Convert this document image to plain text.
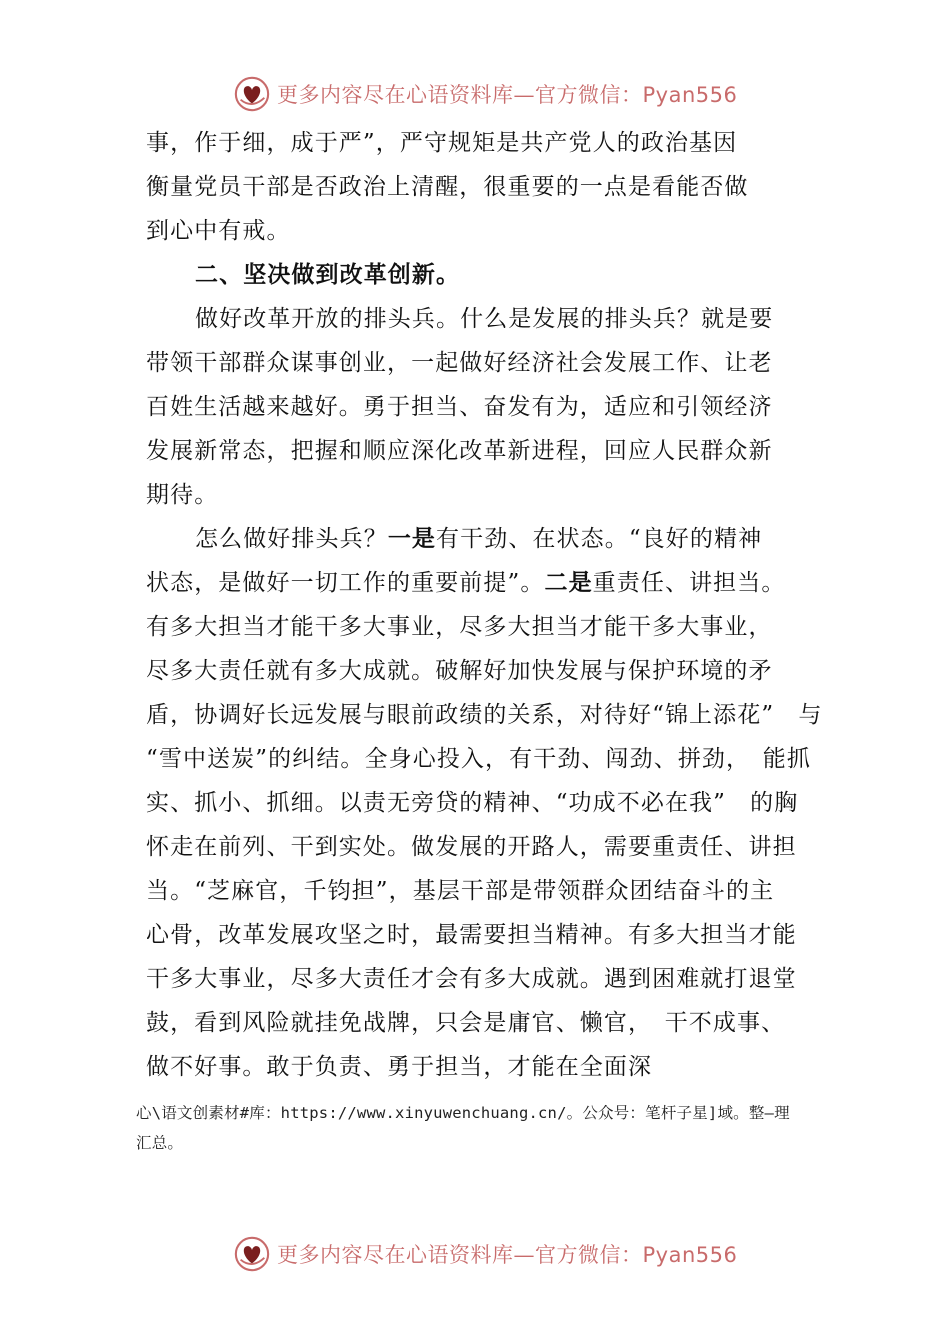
更多内容尽在心语资料库—官方微信：Pyan556
事，作于细，成于严”，严守规矩是共产党人的政治基因
衡量党员干部是否政治上清醒，很重要的一点是看能否做
到心中有戒。
二、坚决做到改革创新。
做好改革开放的排头兵。什么是发展的排头兵？就是要
带领干部群众谋事创业，一起做好经济社会发展工作、让老
百姓生活越来越好。勇于担当、奋发有为，适应和引领经济
发展新常态，把握和顺应深化改革新进程，回应人民群众新
期待。
怎么做好排头兵？一是有干劲、在状态。“良好的精神
状态，是做好一切工作的重要前提”。二是重责任、讲担当。
有多大担当才能干多大事业，尽多大担当才能干多大事业，
尽多大责任就有多大成就。破解好加快发展与保护环境的矛
盾，协调好长远发展与眼前政绩的关系，对待好“锦上添花”　与
“雪中送炭”的纠结。全身心投入，有干劲、闯劲、拼劲，　能抓
实、抓小、抓细。以责无旁贷的精神、“功成不必在我”　的胸
怀走在前列、干到实处。做发展的开路人，需要重责任、讲担
当。“芝麻官，千钧担”，基层干部是带领群众团结奋斗的主
心骨，改革发展攻坚之时，最需要担当精神。有多大担当才能
干多大事业，尽多大责任才会有多大成就。遇到困难就打退堂
鼓，看到风险就挂免战牌，只会是庸官、懒官，　干不成事、
做不好事。敢于负责、勇于担当，才能在全面深
心\语文创素材#库：https://www.xinyuwenchuang.cn/。公众号：笔杆子星]域。整—理
汇总。
更多内容尽在心语资料库—官方微信：Pyan556
